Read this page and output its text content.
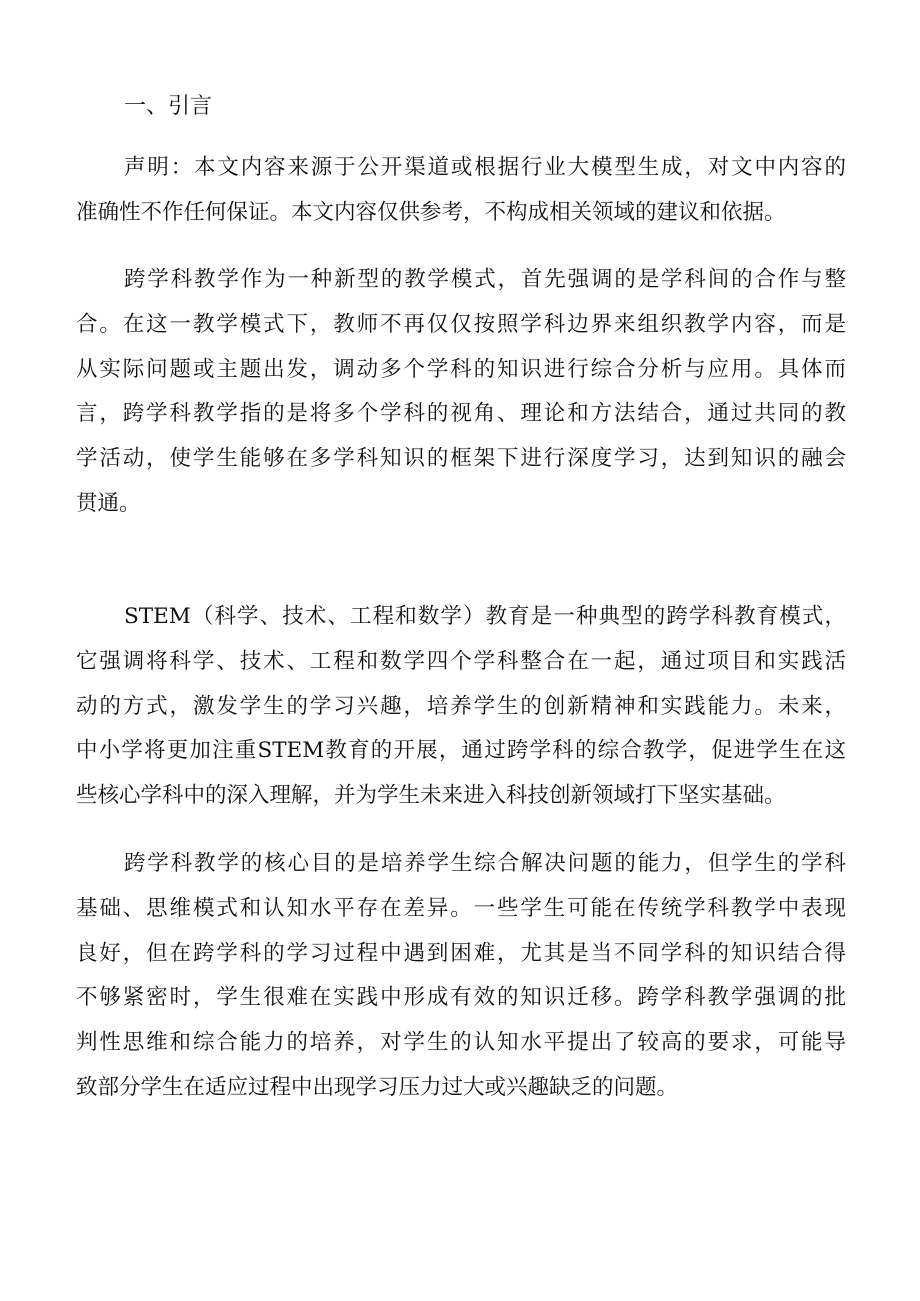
一、引言
声明：本文内容来源于公开渠道或根据行业大模型生成，对文中内容的
准确性不作任何保证。本文内容仅供参考，不构成相关领域的建议和依据。
跨学科教学作为一种新型的教学模式，首先强调的是学科间的合作与整
合。在这一教学模式下，教师不再仅仅按照学科边界来组织教学内容，而是
从实际问题或主题出发，调动多个学科的知识进行综合分析与应用。具体而
言，跨学科教学指的是将多个学科的视角、理论和方法结合，通过共同的教
学活动，使学生能够在多学科知识的框架下进行深度学习，达到知识的融会
贯通。
STEM（科学、技术、工程和数学）教育是一种典型的跨学科教育模式，
它强调将科学、技术、工程和数学四个学科整合在一起，通过项目和实践活
动的方式，激发学生的学习兴趣，培养学生的创新精神和实践能力。未来，
中小学将更加注重STEM教育的开展，通过跨学科的综合教学，促进学生在这
些核心学科中的深入理解，并为学生未来进入科技创新领域打下坚实基础。
跨学科教学的核心目的是培养学生综合解决问题的能力，但学生的学科
基础、思维模式和认知水平存在差异。一些学生可能在传统学科教学中表现
良好，但在跨学科的学习过程中遇到困难，尤其是当不同学科的知识结合得
不够紧密时，学生很难在实践中形成有效的知识迁移。跨学科教学强调的批
判性思维和综合能力的培养，对学生的认知水平提出了较高的要求，可能导
致部分学生在适应过程中出现学习压力过大或兴趣缺乏的问题。
